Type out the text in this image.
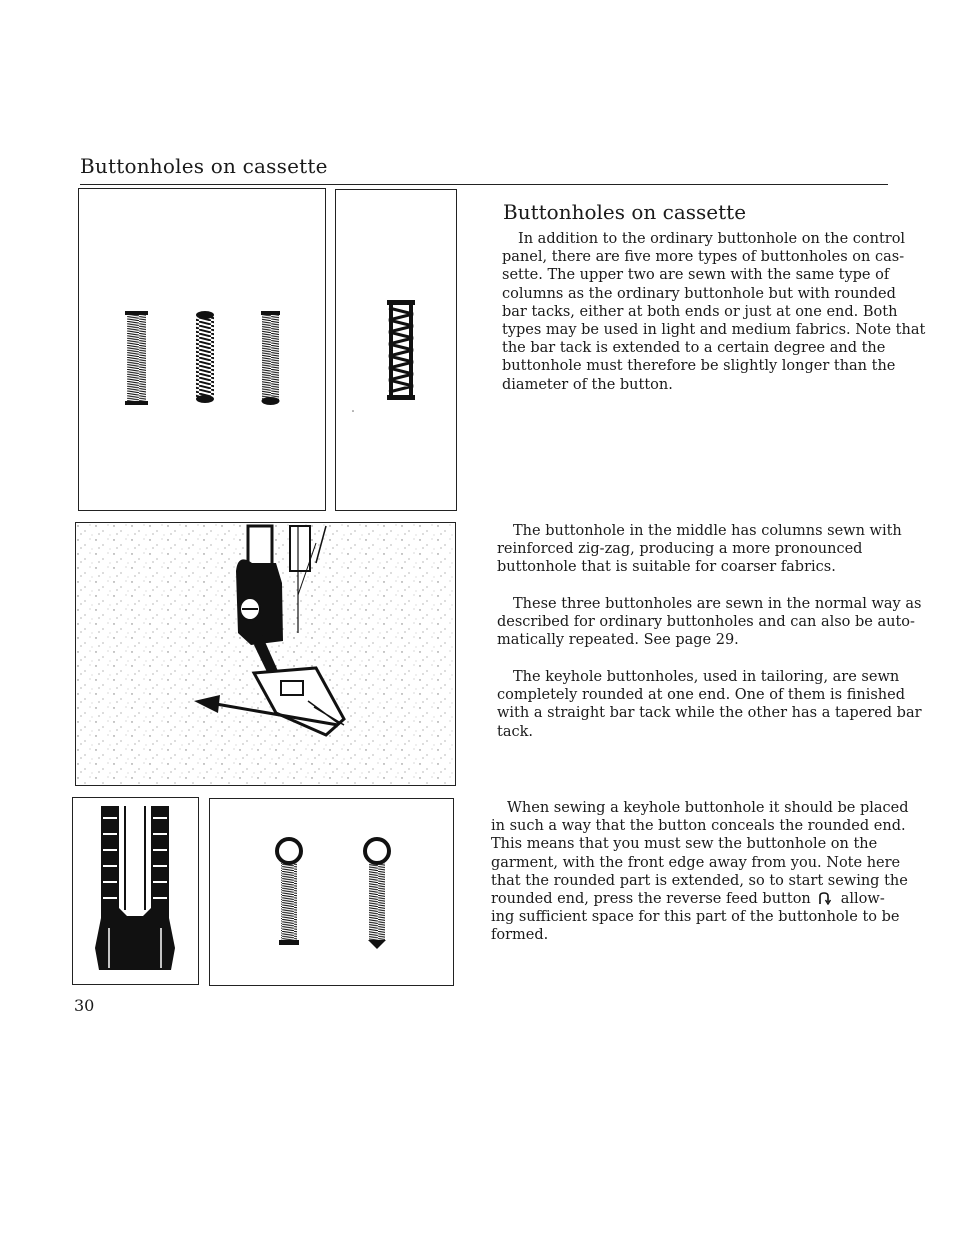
Buttonholes on cassette
Buttonholes on cassette
In addition to the ordinary buttonhole on the control
panel, there are five more types of buttonholes on cas-
sette. The upper two are sewn with the same type of
columns as the ordinary buttonhole but with rounded
bar tacks, either at both ends or just at one end. Both
types may be used in light and medium fabrics. Note that
the bar tack is extended to a certain degree and the
buttonhole must therefore be slightly longer than the
diameter of the button.
The buttonhole in the middle has columns sewn with
reinforced zig-zag, producing a more pronounced
buttonhole that is suitable for coarser fabrics.
These three buttonholes are sewn in the normal way as
described for ordinary buttonholes and can also be auto-
matically repeated. See page 29.
The keyhole buttonholes, used in tailoring, are sewn
completely rounded at one end. One of them is finished
with a straight bar tack while the other has a tapered bar
tack.
When sewing a keyhole buttonhole it should be placed
in such a way that the button conceals the rounded end.
This means that you must sew the buttonhole on the
garment, with the front edge away from you. Note here
that the rounded part is extended, so to start sewing the
rounded end, press the reverse feed button allow-
ing sufficient space for this part of the buttonhole to be
formed.
30
